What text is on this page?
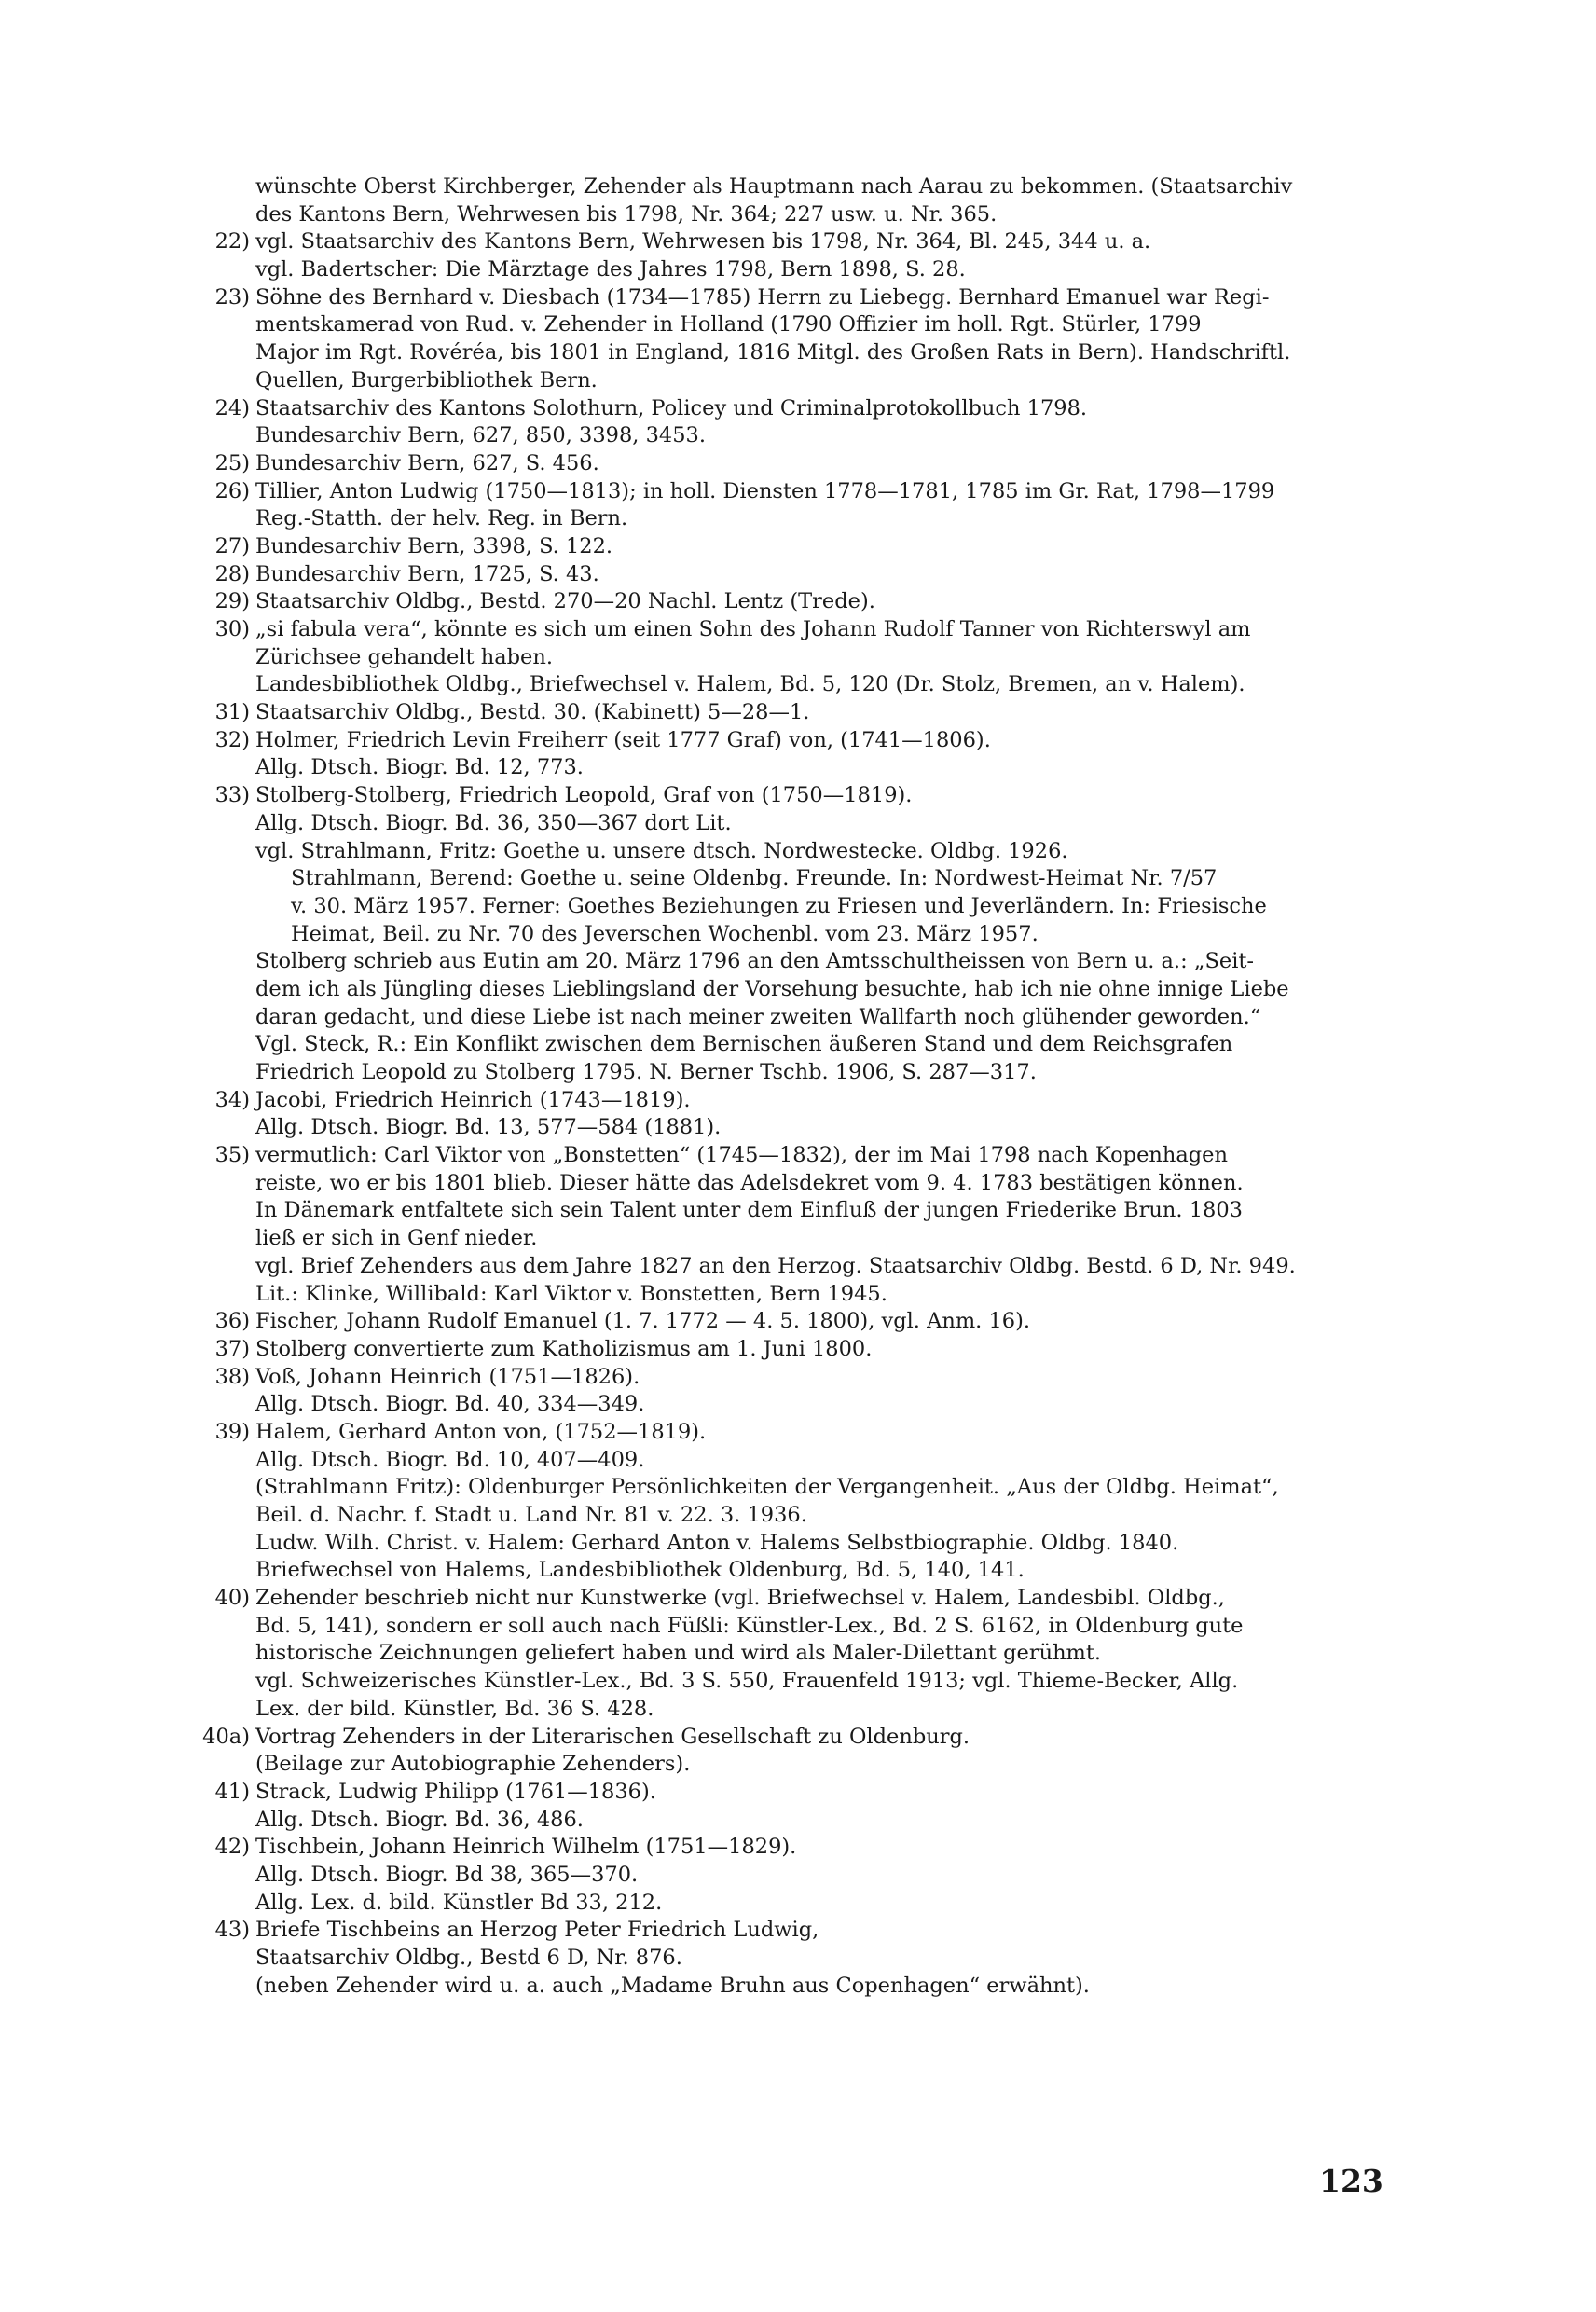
wünschte Oberst Kirchberger, Zehender als Hauptmann nach Aarau zu bekommen. (Staatsarchiv
des Kantons Bern, Wehrwesen bis 1798, Nr. 364; 227 usw. u. Nr. 365.
22) vgl. Staatsarchiv des Kantons Bern, Wehrwesen bis 1798, Nr. 364, Bl. 245, 344 u. a.
vgl. Badertscher: Die Märztage des Jahres 1798, Bern 1898, S. 28.
23) Söhne des Bernhard v. Diesbach (1734—1785) Herrn zu Liebegg. Bernhard Emanuel war Regi-
mentskamerad von Rud. v. Zehender in Holland (1790 Offizier im holl. Rgt. Stürler, 1799
Major im Rgt. Rovéréa, bis 1801 in England, 1816 Mitgl. des Großen Rats in Bern). Handschriftl.
Quellen, Burgerbibliothek Bern.
24) Staatsarchiv des Kantons Solothurn, Policey und Criminalprotokollbuch 1798.
Bundesarchiv Bern, 627, 850, 3398, 3453.
25) Bundesarchiv Bern, 627, S. 456.
26) Tillier, Anton Ludwig (1750—1813); in holl. Diensten 1778—1781, 1785 im Gr. Rat, 1798—1799
Reg.-Statth. der helv. Reg. in Bern.
27) Bundesarchiv Bern, 3398, S. 122.
28) Bundesarchiv Bern, 1725, S. 43.
29) Staatsarchiv Oldbg., Bestd. 270—20 Nachl. Lentz (Trede).
30) „si fabula vera“, könnte es sich um einen Sohn des Johann Rudolf Tanner von Richterswyl am
Zürichsee gehandelt haben.
Landesbibliothek Oldbg., Briefwechsel v. Halem, Bd. 5, 120 (Dr. Stolz, Bremen, an v. Halem).
31) Staatsarchiv Oldbg., Bestd. 30. (Kabinett) 5—28—1.
32) Holmer, Friedrich Levin Freiherr (seit 1777 Graf) von, (1741—1806).
Allg. Dtsch. Biogr. Bd. 12, 773.
33) Stolberg-Stolberg, Friedrich Leopold, Graf von (1750—1819).
Allg. Dtsch. Biogr. Bd. 36, 350—367 dort Lit.
vgl. Strahlmann, Fritz: Goethe u. unsere dtsch. Nordwestecke. Oldbg. 1926.
Strahlmann, Berend: Goethe u. seine Oldenbg. Freunde. In: Nordwest-Heimat Nr. 7/57
v. 30. März 1957. Ferner: Goethes Beziehungen zu Friesen und Jeverländern. In: Friesische
Heimat, Beil. zu Nr. 70 des Jeverschen Wochenbl. vom 23. März 1957.
Stolberg schrieb aus Eutin am 20. März 1796 an den Amtsschultheissen von Bern u. a.: „Seit-
dem ich als Jüngling dieses Lieblingsland der Vorsehung besuchte, hab ich nie ohne innige Liebe
daran gedacht, und diese Liebe ist nach meiner zweiten Wallfarth noch glühender geworden.“
Vgl. Steck, R.: Ein Konflikt zwischen dem Bernischen äußeren Stand und dem Reichsgrafen
Friedrich Leopold zu Stolberg 1795. N. Berner Tschb. 1906, S. 287—317.
34) Jacobi, Friedrich Heinrich (1743—1819).
Allg. Dtsch. Biogr. Bd. 13, 577—584 (1881).
35) vermutlich: Carl Viktor von „Bonstetten“ (1745—1832), der im Mai 1798 nach Kopenhagen
reiste, wo er bis 1801 blieb. Dieser hätte das Adelsdekret vom 9. 4. 1783 bestätigen können.
In Dänemark entfaltete sich sein Talent unter dem Einfluß der jungen Friederike Brun. 1803
ließ er sich in Genf nieder.
vgl. Brief Zehenders aus dem Jahre 1827 an den Herzog. Staatsarchiv Oldbg. Bestd. 6 D, Nr. 949.
Lit.: Klinke, Willibald: Karl Viktor v. Bonstetten, Bern 1945.
36) Fischer, Johann Rudolf Emanuel (1. 7. 1772 — 4. 5. 1800), vgl. Anm. 16).
37) Stolberg convertierte zum Katholizismus am 1. Juni 1800.
38) Voß, Johann Heinrich (1751—1826).
Allg. Dtsch. Biogr. Bd. 40, 334—349.
39) Halem, Gerhard Anton von, (1752—1819).
Allg. Dtsch. Biogr. Bd. 10, 407—409.
(Strahlmann Fritz): Oldenburger Persönlichkeiten der Vergangenheit. „Aus der Oldbg. Heimat“,
Beil. d. Nachr. f. Stadt u. Land Nr. 81 v. 22. 3. 1936.
Ludw. Wilh. Christ. v. Halem: Gerhard Anton v. Halems Selbstbiographie. Oldbg. 1840.
Briefwechsel von Halems, Landesbibliothek Oldenburg, Bd. 5, 140, 141.
40) Zehender beschrieb nicht nur Kunstwerke (vgl. Briefwechsel v. Halem, Landesbibl. Oldbg.,
Bd. 5, 141), sondern er soll auch nach Füßli: Künstler-Lex., Bd. 2 S. 6162, in Oldenburg gute
historische Zeichnungen geliefert haben und wird als Maler-Dilettant gerühmt.
vgl. Schweizerisches Künstler-Lex., Bd. 3 S. 550, Frauenfeld 1913; vgl. Thieme-Becker, Allg.
Lex. der bild. Künstler, Bd. 36 S. 428.
40a) Vortrag Zehenders in der Literarischen Gesellschaft zu Oldenburg.
(Beilage zur Autobiographie Zehenders).
41) Strack, Ludwig Philipp (1761—1836).
Allg. Dtsch. Biogr. Bd. 36, 486.
42) Tischbein, Johann Heinrich Wilhelm (1751—1829).
Allg. Dtsch. Biogr. Bd 38, 365—370.
Allg. Lex. d. bild. Künstler Bd 33, 212.
43) Briefe Tischbeins an Herzog Peter Friedrich Ludwig,
Staatsarchiv Oldbg., Bestd 6 D, Nr. 876.
(neben Zehender wird u. a. auch „Madame Bruhn aus Copenhagen“ erwähnt).
123
